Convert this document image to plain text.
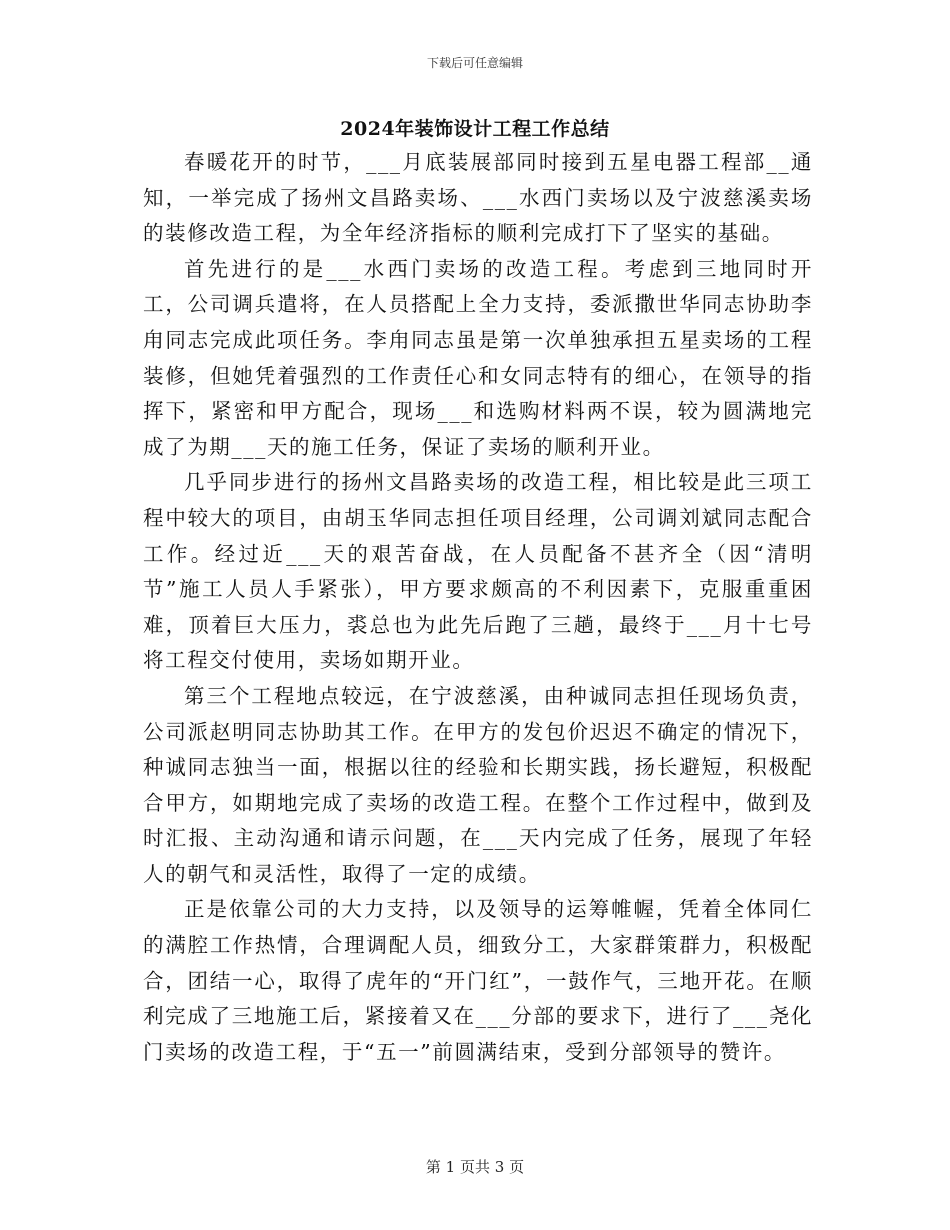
下载后可任意编辑
2024年装饰设计工程工作总结

春暖花开的时节，___月底装展部同时接到五星电器工程部__通知，一举完成了扬州文昌路卖场、___水西门卖场以及宁波慈溪卖场的装修改造工程，为全年经济指标的顺利完成打下了坚实的基础。

首先进行的是___水西门卖场的改造工程。考虑到三地同时开工，公司调兵遣将，在人员搭配上全力支持，委派撒世华同志协助李甪同志完成此项任务。李甪同志虽是第一次单独承担五星卖场的工程装修，但她凭着强烈的工作责任心和女同志特有的细心，在领导的指挥下，紧密和甲方配合，现场___和选购材料两不误，较为圆满地完成了为期___天的施工任务，保证了卖场的顺利开业。

几乎同步进行的扬州文昌路卖场的改造工程，相比较是此三项工程中较大的项目，由胡玉华同志担任项目经理，公司调刘斌同志配合工作。经过近___天的艰苦奋战，在人员配备不甚齐全（因“清明节”施工人员人手紧张），甲方要求颇高的不利因素下，克服重重困难，顶着巨大压力，裘总也为此先后跑了三趟，最终于___月十七号将工程交付使用，卖场如期开业。

第三个工程地点较远，在宁波慈溪，由种诚同志担任现场负责，公司派赵明同志协助其工作。在甲方的发包价迟迟不确定的情况下，种诚同志独当一面，根据以往的经验和长期实践，扬长避短，积极配合甲方，如期地完成了卖场的改造工程。在整个工作过程中，做到及时汇报、主动沟通和请示问题，在___天内完成了任务，展现了年轻人的朝气和灵活性，取得了一定的成绩。

正是依靠公司的大力支持，以及领导的运筹帷幄，凭着全体同仁的满腔工作热情，合理调配人员，细致分工，大家群策群力，积极配合，团结一心，取得了虎年的“开门红”，一鼓作气，三地开花。在顺利完成了三地施工后，紧接着又在___分部的要求下，进行了___尧化门卖场的改造工程，于“五一”前圆满结束，受到分部领导的赞许。

第 1 页共 3 页
